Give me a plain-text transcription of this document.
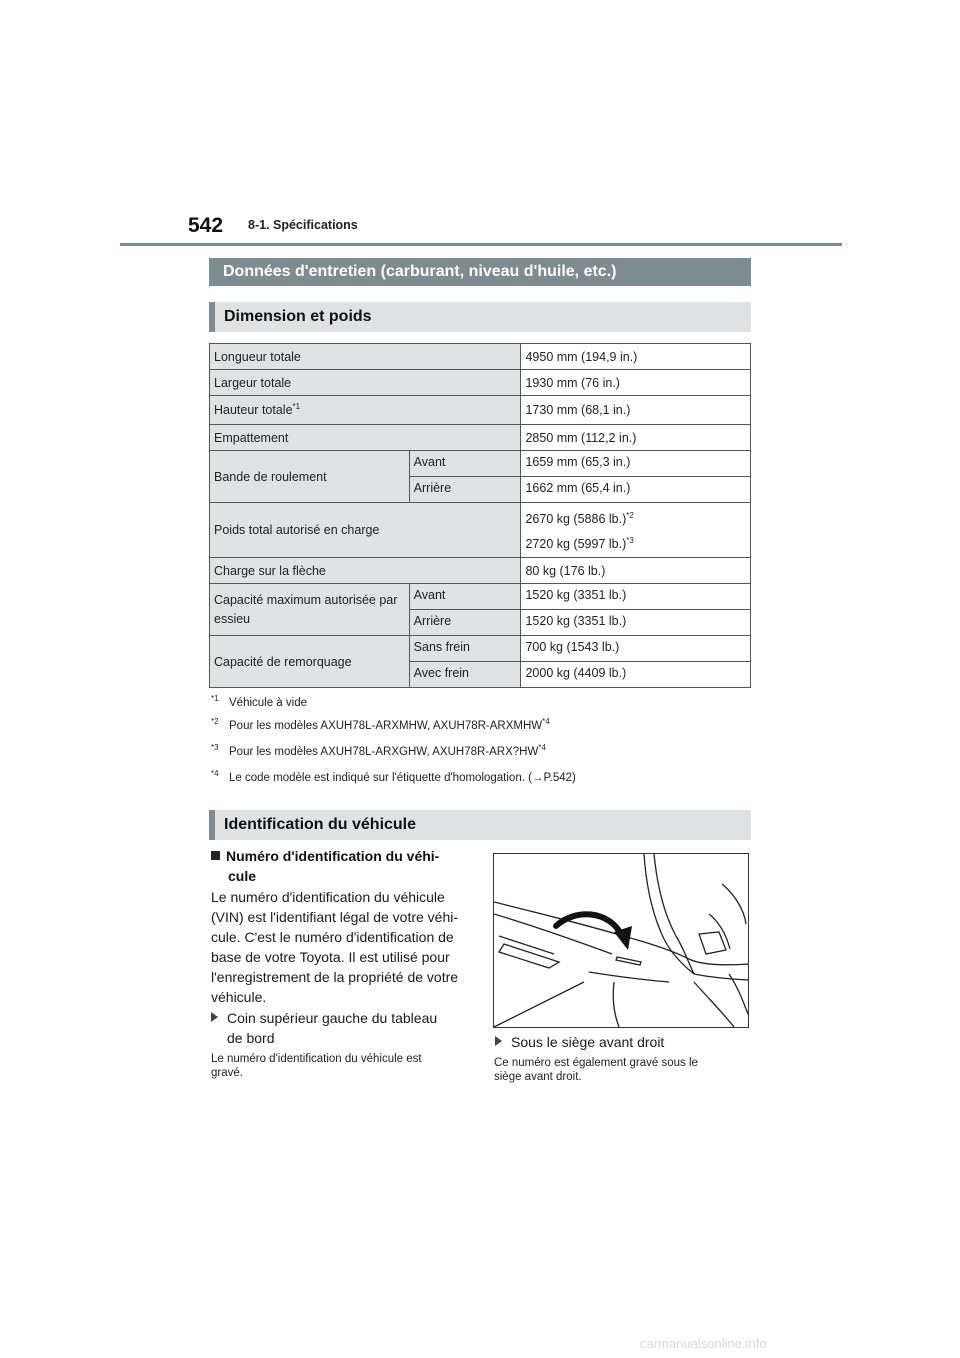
542 8-1. Spécifications
Données d'entretien (carburant, niveau d'huile, etc.)
Dimension et poids
Longueur totale		4950 mm (194,9 in.)
Largeur totale		1930 mm (76 in.)
Hauteur totale$^{*1}$		1730 mm (68,1 in.)
Empattement		2850 mm (112,2 in.)
Bande de roulement	Avant	1659 mm (65,3 in.)
	Arrière	1662 mm (65,4 in.)
Poids total autorisé en charge		2670 kg (5886 lb.)$^{*2}$
2720 kg (5997 lb.)$^{*3}$

Charge sur la flèche		80 kg (176 lb.)

Capacité maximum autorisée par
essieu	Avant	1520 kg (3351 lb.)
	Arrière	1520 kg (3351 lb.)
Capacité de remorquage	Sans frein	700 kg (1543 lb.)
	Avec frein	2000 kg (4409 lb.)
$^{*1}$ Véhicule à vide
$^{*2}$ Pour les modèles AXUH78L-ARXMHW, AXUH78R-ARXMHW$^{*4}$
$^{*3}$ Pour les modèles AXUH78L-ARXGHW, AXUH78R-ARX?HW$^{*4}$
$^{*4}$ Le code modèle est indiqué sur l'étiquette d'homologation. (→P.542)
Identification du véhicule
Numéro d'identification du véhi-
cule
Le numéro d'identification du véhicule
(VIN) est l'identifiant légal de votre véhi-
cule. C'est le numéro d'identification de
base de votre Toyota. Il est utilisé pour
l'enregistrement de la propriété de votre
véhicule.
Coin supérieur gauche du tableau
de bord
Le numéro d'identification du véhicule est
gravé.
Sous le siège avant droit
Ce numéro est également gravé sous le
siège avant droit.
carmanualsonline.info
